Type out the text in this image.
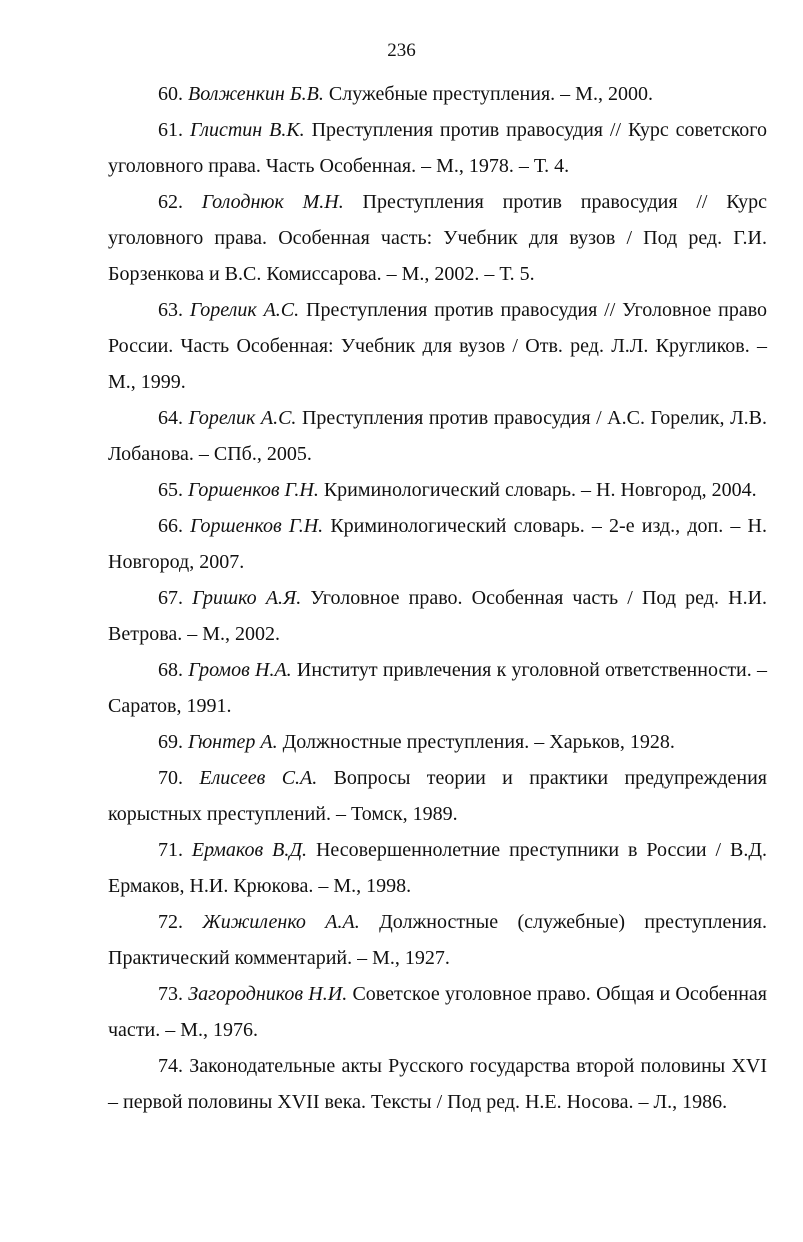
236

60. Волженкин Б.В. Служебные преступления. – М., 2000.

61. Глистин В.К. Преступления против правосудия // Курс советского уголовного права. Часть Особенная. – М., 1978. – Т. 4.

62. Голоднюк М.Н. Преступления против правосудия // Курс уголовного права. Особенная часть: Учебник для вузов / Под ред. Г.И. Борзенкова и В.С. Комиссарова. – М., 2002. – Т. 5.

63. Горелик А.С. Преступления против правосудия // Уголовное право России. Часть Особенная: Учебник для вузов / Отв. ред. Л.Л. Кругликов. – М., 1999.

64. Горелик А.С. Преступления против правосудия / А.С. Горелик, Л.В. Лобанова. – СПб., 2005.

65. Горшенков Г.Н. Криминологический словарь. – Н. Новгород, 2004.

66. Горшенков Г.Н. Криминологический словарь. – 2-е изд., доп. – Н. Новгород, 2007.

67. Гришко А.Я. Уголовное право. Особенная часть / Под ред. Н.И. Ветрова. – М., 2002.

68. Громов Н.А. Институт привлечения к уголовной ответственности. – Саратов, 1991.

69. Гюнтер А. Должностные преступления. – Харьков, 1928.

70. Елисеев С.А. Вопросы теории и практики предупреждения корыстных преступлений. – Томск, 1989.

71. Ермаков В.Д. Несовершеннолетние преступники в России / В.Д. Ермаков, Н.И. Крюкова. – М., 1998.

72. Жижиленко А.А. Должностные (служебные) преступления. Практический комментарий. – М., 1927.

73. Загородников Н.И. Советское уголовное право. Общая и Особенная части. – М., 1976.

74. Законодательные акты Русского государства второй половины XVI – первой половины XVII века. Тексты / Под ред. Н.Е. Носова. – Л., 1986.
